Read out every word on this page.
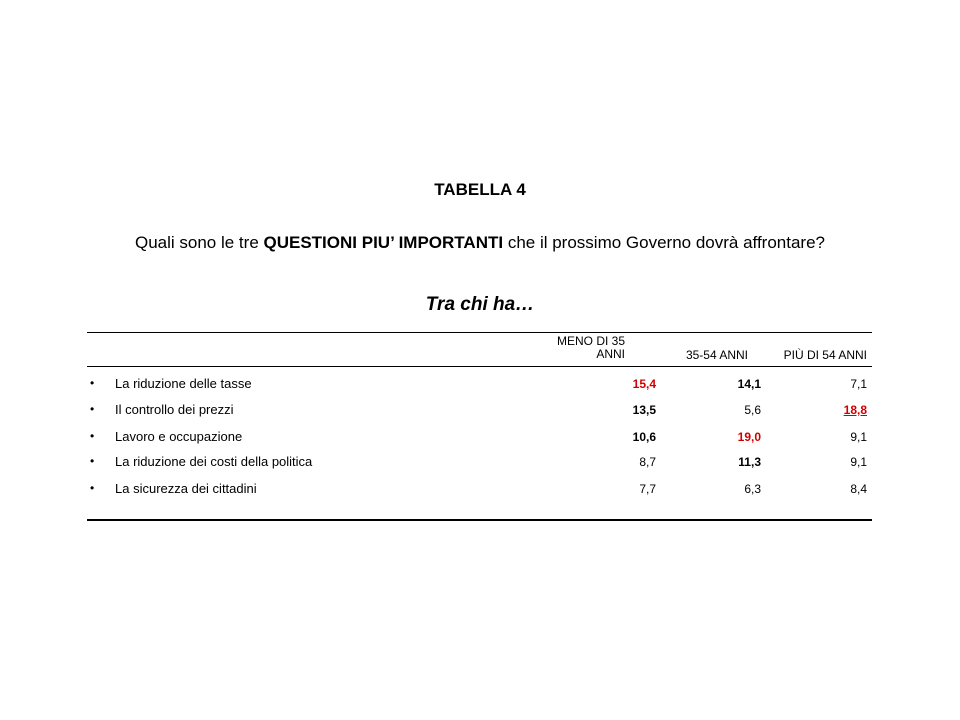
TABELLA 4
Quali sono le tre QUESTIONI PIU’ IMPORTANTI che il prossimo Governo dovrà affrontare?
Tra chi ha…
MENO DI 35 ANNI	35-54 ANNI	PIÙ DI 54 ANNI
• La riduzione delle tasse	15,4	14,1	7,1
• Il controllo dei prezzi	13,5	5,6	18,8
• Lavoro e occupazione	10,6	19,0	9,1
• La riduzione dei costi della politica	8,7	11,3	9,1
• La sicurezza dei cittadini	7,7	6,3	8,4
